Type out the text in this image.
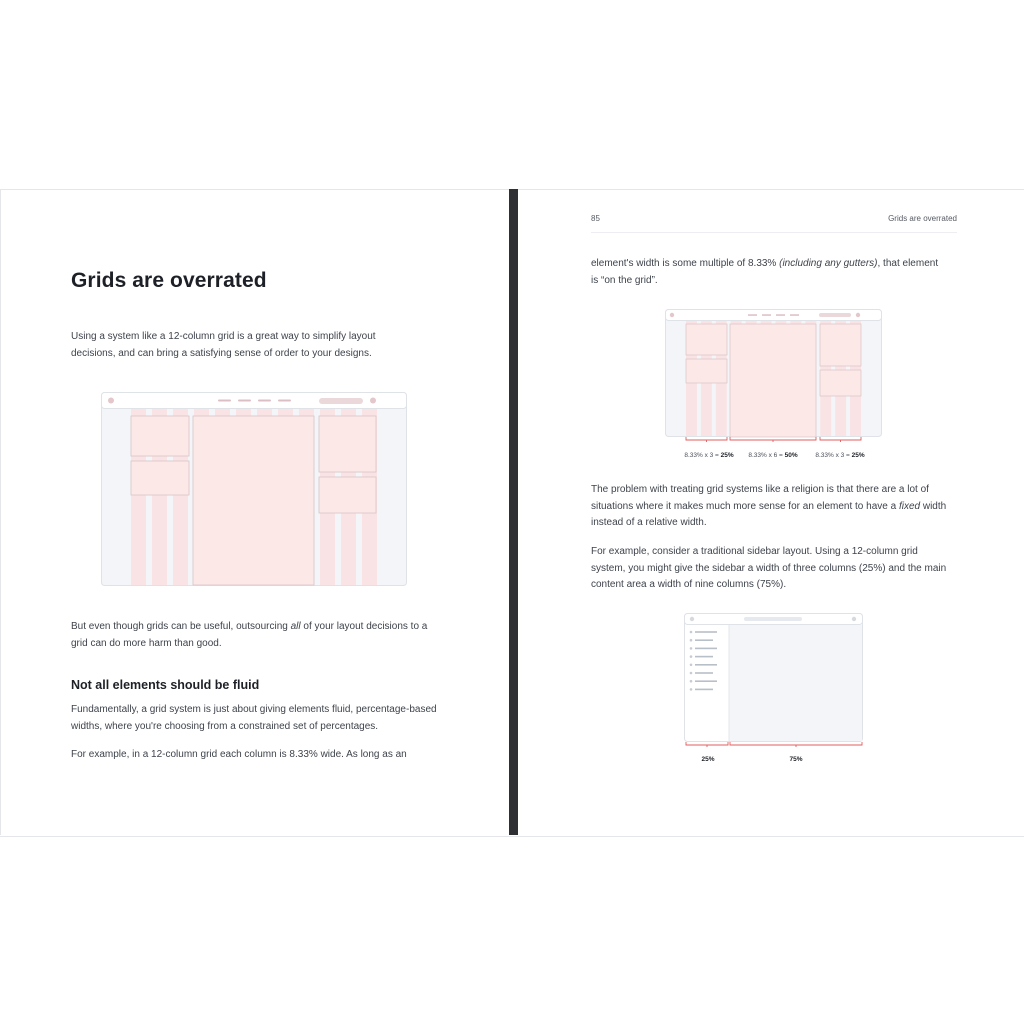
Grids are overrated

Using a system like a 12-column grid is a great way to simplify layout decisions, and can bring a satisfying sense of order to your designs.

But even though grids can be useful, outsourcing all of your layout decisions to a grid can do more harm than good.

Not all elements should be fluid

Fundamentally, a grid system is just about giving elements fluid, percentage-based widths, where you're choosing from a constrained set of percentages.

For example, in a 12-column grid each column is 8.33% wide. As long as an

85	Grids are overrated

element's width is some multiple of 8.33% (including any gutters), that element is “on the grid”.

8.33% x 3 = 25%	8.33% x 6 = 50%	8.33% x 3 = 25%

The problem with treating grid systems like a religion is that there are a lot of situations where it makes much more sense for an element to have a fixed width instead of a relative width.

For example, consider a traditional sidebar layout. Using a 12-column grid system, you might give the sidebar a width of three columns (25%) and the main content area a width of nine columns (75%).

25%	75%
